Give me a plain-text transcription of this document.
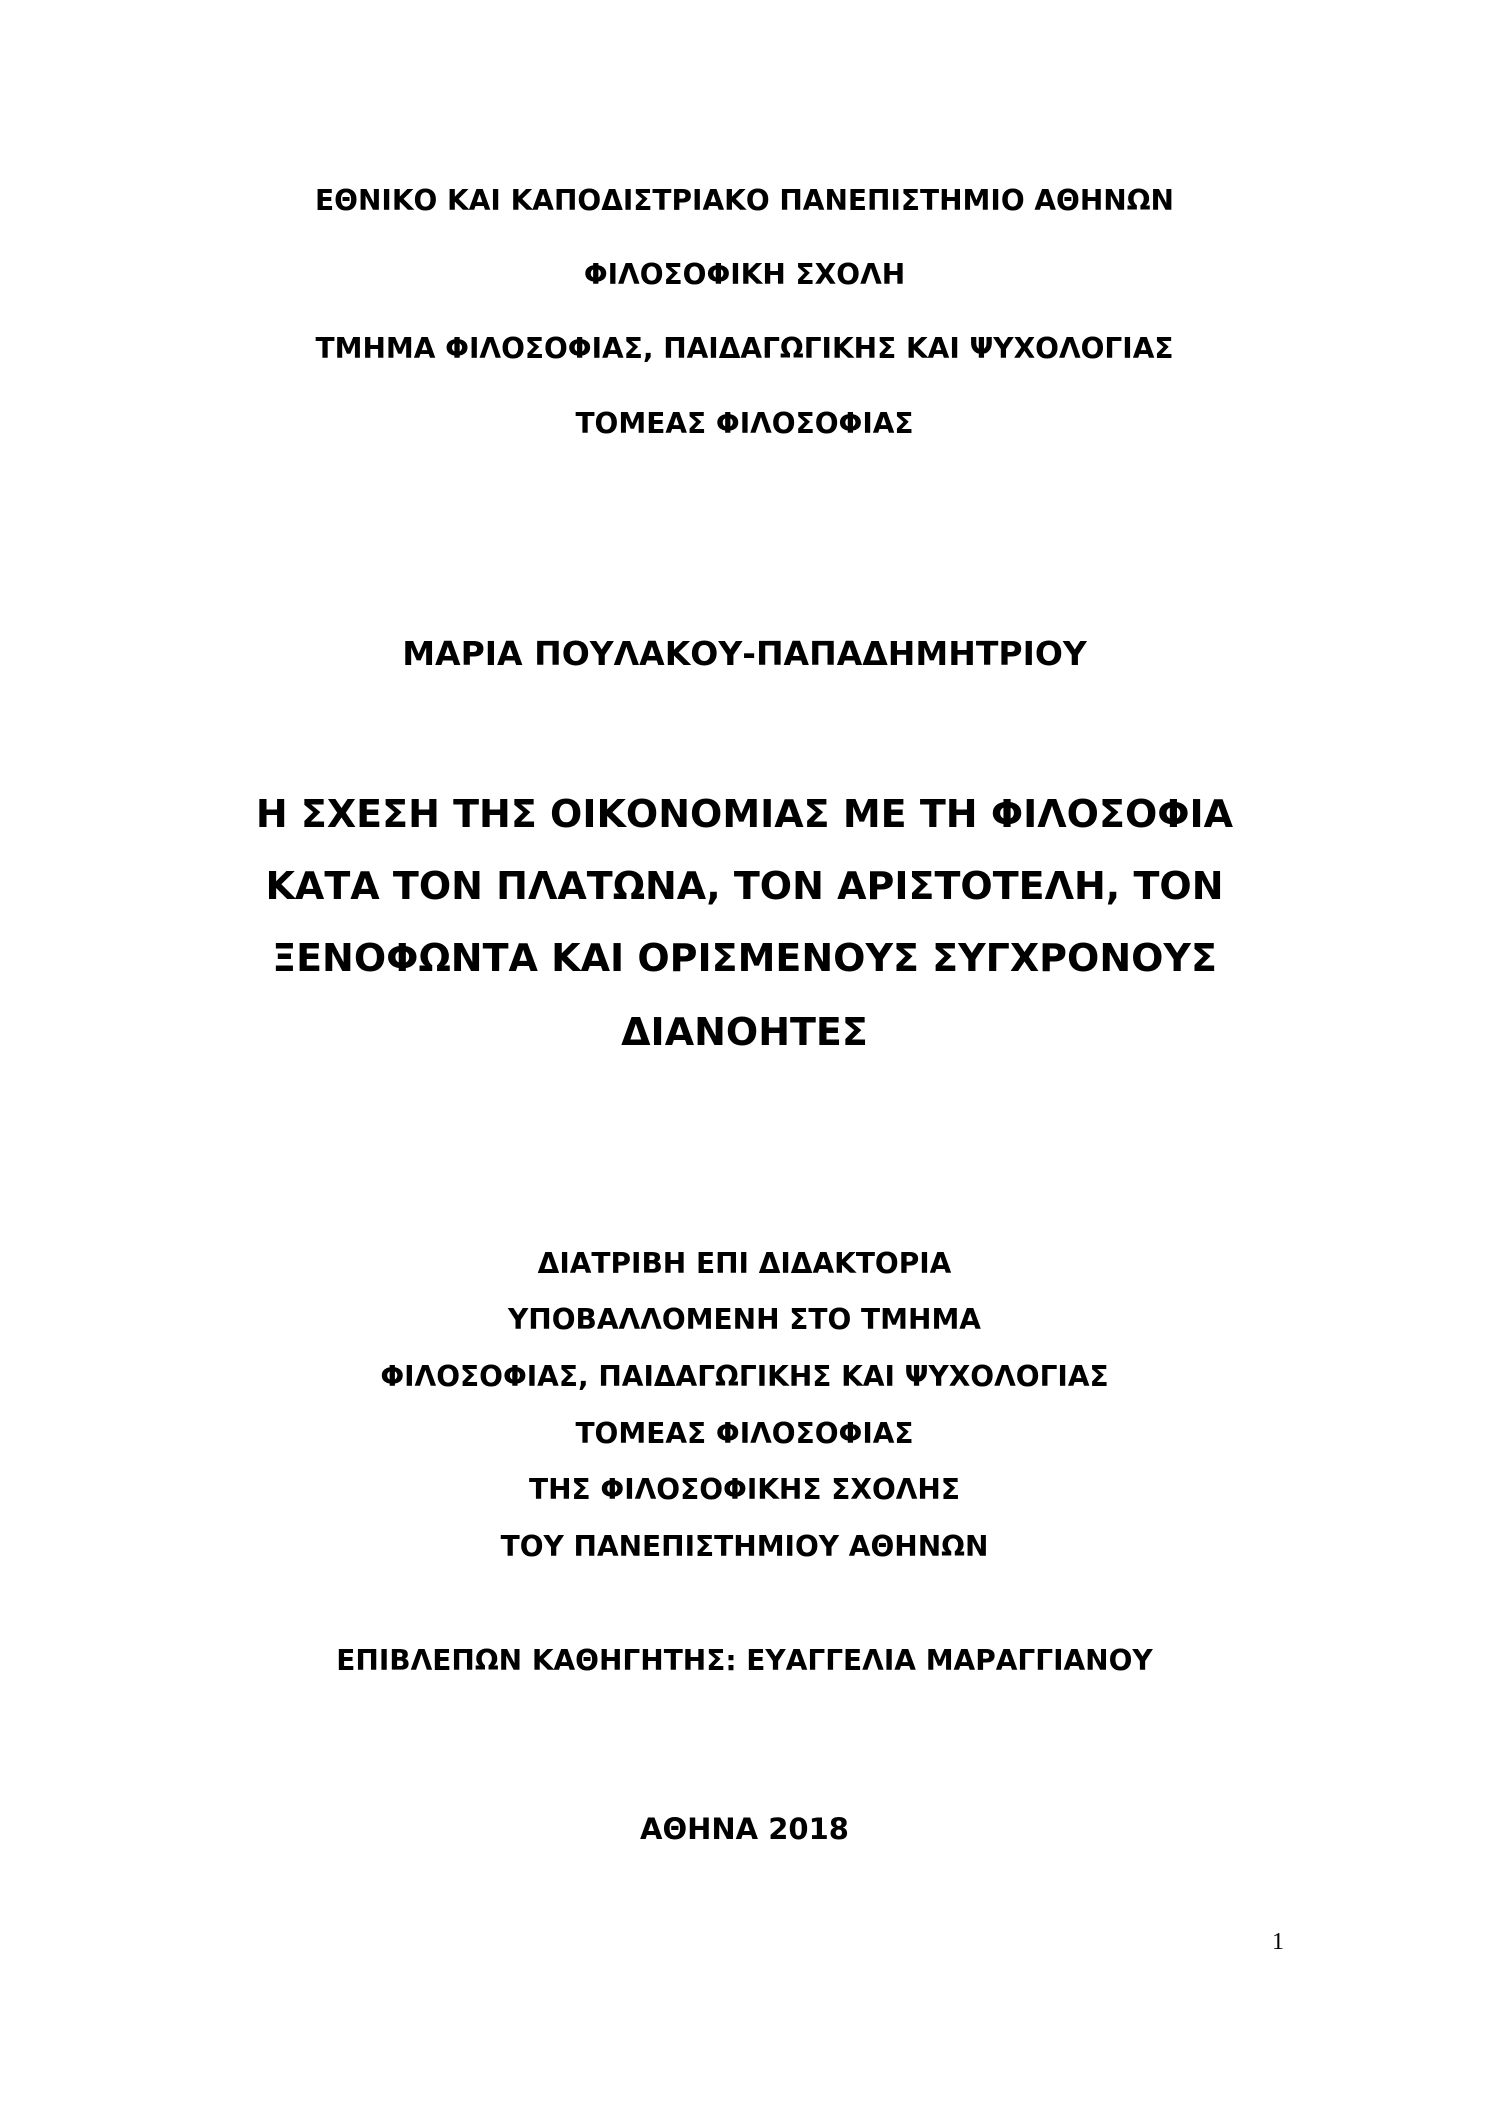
ΕΘΝΙΚΟ ΚΑΙ ΚΑΠΟΔΙΣΤΡΙΑΚΟ ΠΑΝΕΠΙΣΤΗΜΙΟ ΑΘΗΝΩΝ

ΦΙΛΟΣΟΦΙΚΗ ΣΧΟΛΗ

ΤΜΗΜΑ ΦΙΛΟΣΟΦΙΑΣ, ΠΑΙΔΑΓΩΓΙΚΗΣ ΚΑΙ ΨΥΧΟΛΟΓΙΑΣ

ΤΟΜΕΑΣ ΦΙΛΟΣΟΦΙΑΣ

ΜΑΡΙΑ ΠΟΥΛΑΚΟΥ-ΠΑΠΑΔΗΜΗΤΡΙΟΥ

Η ΣΧΕΣΗ ΤΗΣ ΟΙΚΟΝΟΜΙΑΣ ΜΕ ΤΗ ΦΙΛΟΣΟΦΙΑ

ΚΑΤΑ ΤΟΝ ΠΛΑΤΩΝΑ, ΤΟΝ ΑΡΙΣΤΟΤΕΛΗ, ΤΟΝ

ΞΕΝΟΦΩΝΤΑ ΚΑΙ ΟΡΙΣΜΕΝΟΥΣ ΣΥΓΧΡΟΝΟΥΣ

ΔΙΑΝΟΗΤΕΣ

ΔΙΑΤΡΙΒΗ ΕΠΙ ΔΙΔΑΚΤΟΡΙΑ

ΥΠΟΒΑΛΛΟΜΕΝΗ ΣΤΟ ΤΜΗΜΑ

ΦΙΛΟΣΟΦΙΑΣ, ΠΑΙΔΑΓΩΓΙΚΗΣ ΚΑΙ ΨΥΧΟΛΟΓΙΑΣ

ΤΟΜΕΑΣ ΦΙΛΟΣΟΦΙΑΣ

ΤΗΣ ΦΙΛΟΣΟΦΙΚΗΣ ΣΧΟΛΗΣ

ΤΟΥ ΠΑΝΕΠΙΣΤΗΜΙΟΥ ΑΘΗΝΩΝ

ΕΠΙΒΛΕΠΩΝ ΚΑΘΗΓΗΤΗΣ: ΕΥΑΓΓΕΛΙΑ ΜΑΡΑΓΓΙΑΝΟΥ

ΑΘΗΝΑ 2018

1
